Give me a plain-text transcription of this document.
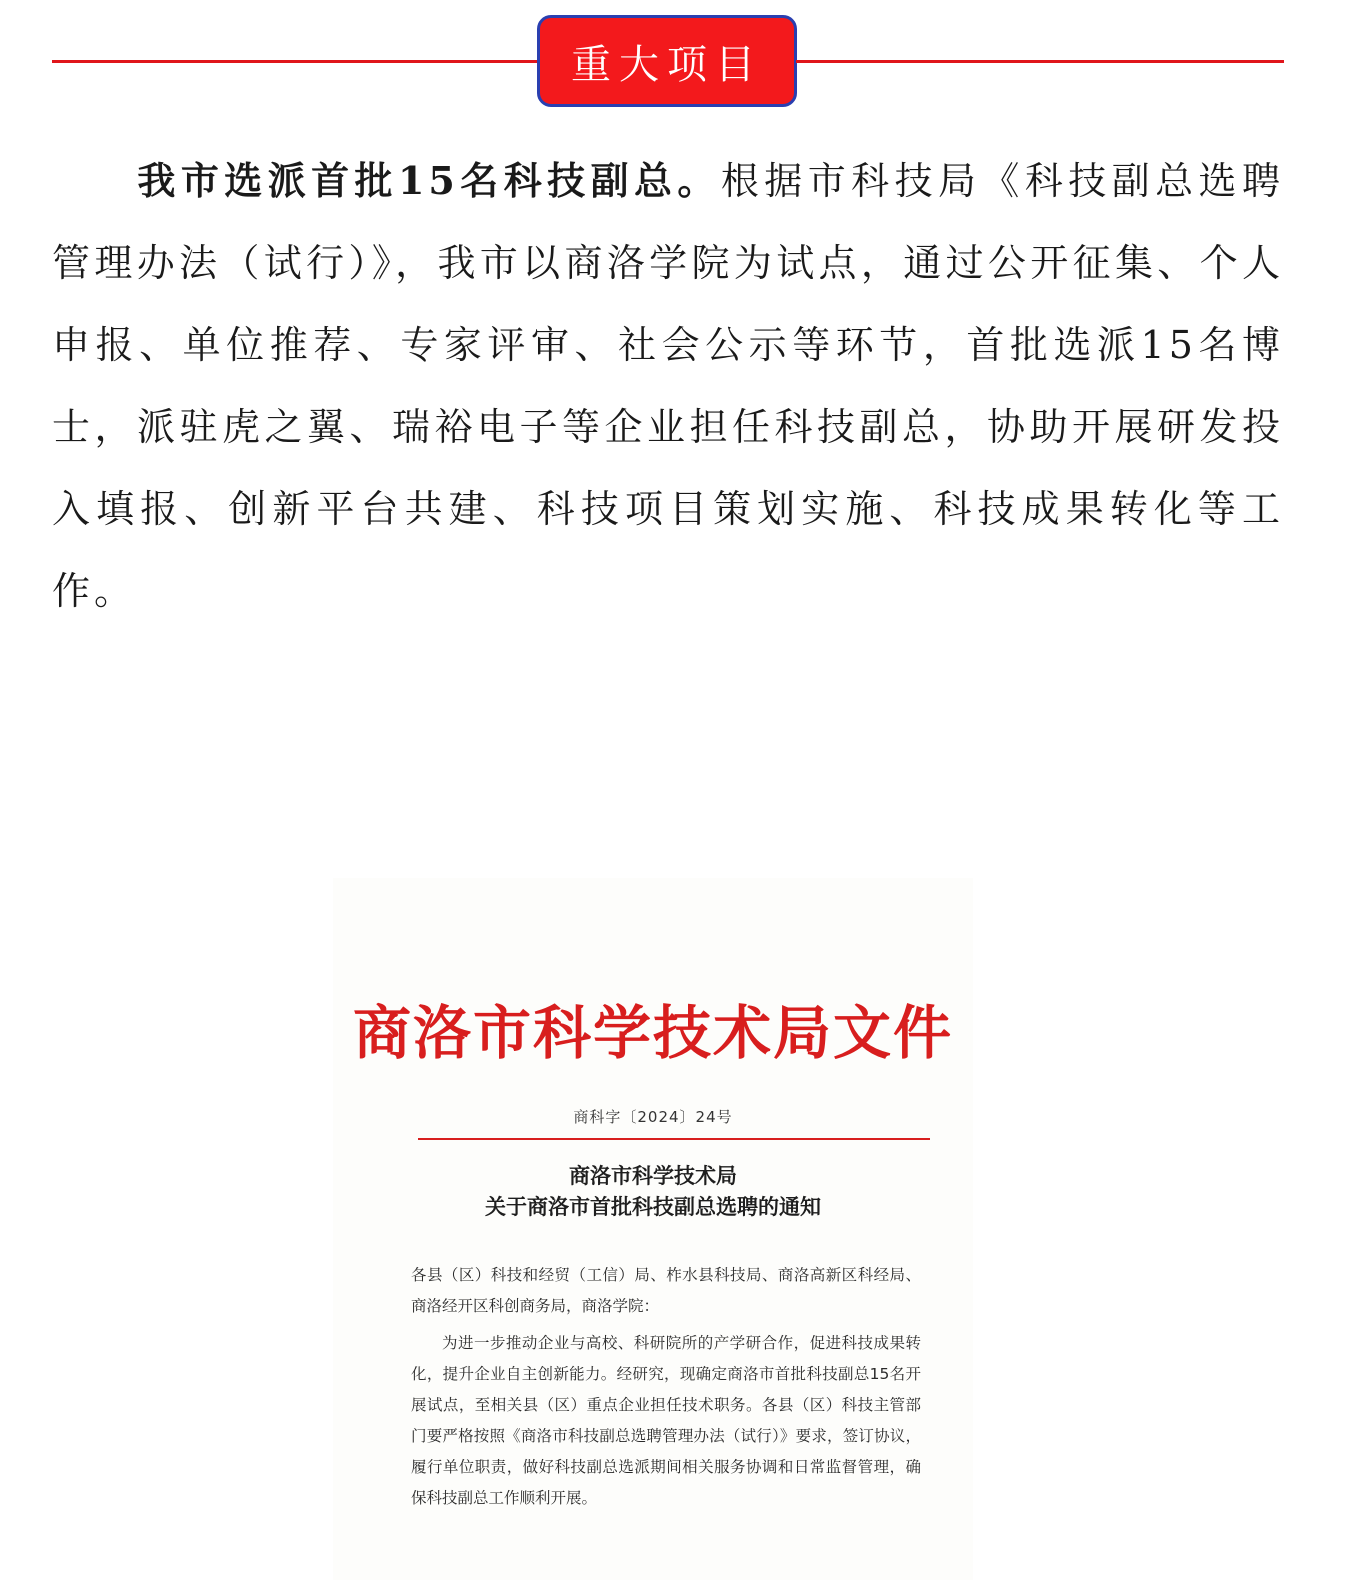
重大项目
我市选派首批15名科技副总。根据市科技局《科技副总选聘管理办法（试行）》，我市以商洛学院为试点，通过公开征集、个人申报、单位推荐、专家评审、社会公示等环节，首批选派15名博士，派驻虎之翼、瑞裕电子等企业担任科技副总，协助开展研发投入填报、创新平台共建、科技项目策划实施、科技成果转化等工作。
商洛市科学技术局文件
商科字〔2024〕24号
商洛市科学技术局
关于商洛市首批科技副总选聘的通知

各县（区）科技和经贸（工信）局、柞水县科技局、商洛高新区科经局、商洛经开区科创商务局，商洛学院：

为进一步推动企业与高校、科研院所的产学研合作，促进科技成果转化，提升企业自主创新能力。经研究，现确定商洛市首批科技副总15名开展试点，至相关县（区）重点企业担任技术职务。各县（区）科技主管部门要严格按照《商洛市科技副总选聘管理办法（试行）》要求，签订协议，履行单位职责，做好科技副总选派期间相关服务协调和日常监督管理，确保科技副总工作顺利开展。
